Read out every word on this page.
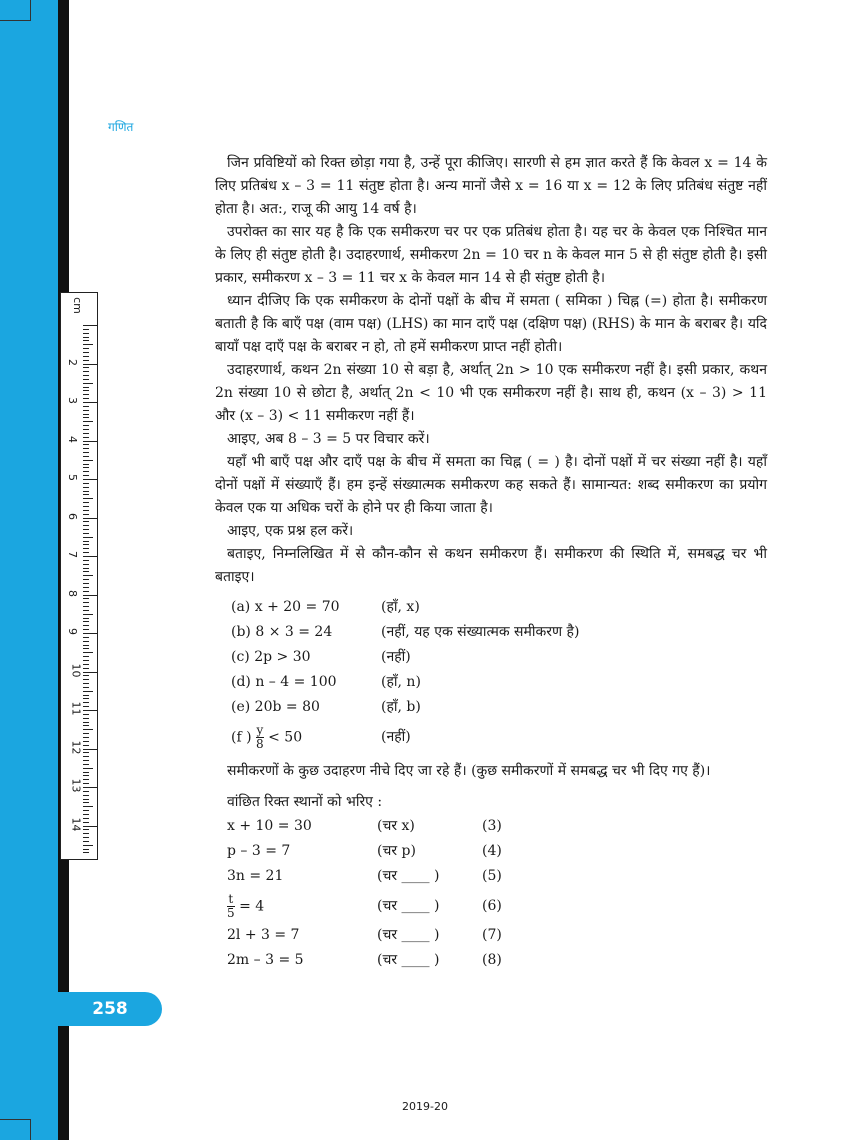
गणित
cm
2
3
4
5
6
7
8
9
10
11
12
13
14
258

जिन प्रविष्टियों को रिक्त छोड़ा गया है, उन्हें पूरा कीजिए। सारणी से हम ज्ञात करते हैं कि केवल x = 14 के लिए प्रतिबंध x – 3 = 11 संतुष्ट होता है। अन्य मानों जैसे x = 16 या x = 12 के लिए प्रतिबंध संतुष्ट नहीं होता है। अत:, राजू की आयु 14 वर्ष है।

उपरोक्त का सार यह है कि एक समीकरण चर पर एक प्रतिबंध होता है। यह चर के केवल एक निश्चित मान के लिए ही संतुष्ट होती है। उदाहरणार्थ, समीकरण 2n = 10 चर n के केवल मान 5 से ही संतुष्ट होती है। इसी प्रकार, समीकरण x – 3 = 11 चर x के केवल मान 14 से ही संतुष्ट होती है।

ध्यान दीजिए कि एक समीकरण के दोनों पक्षों के बीच में समता ( समिका ) चिह्न (=) होता है। समीकरण बताती है कि बाएँ पक्ष (वाम पक्ष) (LHS) का मान दाएँ पक्ष (दक्षिण पक्ष) (RHS) के मान के बराबर है। यदि बायाँ पक्ष दाएँ पक्ष के बराबर न हो, तो हमें समीकरण प्राप्त नहीं होती।

उदाहरणार्थ, कथन 2n संख्या 10 से बड़ा है, अर्थात् 2n > 10 एक समीकरण नहीं है। इसी प्रकार, कथन 2n संख्या 10 से छोटा है, अर्थात् 2n < 10 भी एक समीकरण नहीं है। साथ ही, कथन (x – 3) > 11 और (x – 3) < 11 समीकरण नहीं हैं।

आइए, अब 8 – 3 = 5 पर विचार करें।

यहाँ भी बाएँ पक्ष और दाएँ पक्ष के बीच में समता का चिह्न ( = ) है। दोनों पक्षों में चर संख्या नहीं है। यहाँ दोनों पक्षों में संख्याएँ हैं। हम इन्हें संख्यात्मक समीकरण कह सकते हैं। सामान्यत: शब्द समीकरण का प्रयोग केवल एक या अधिक चरों के होने पर ही किया जाता है।

आइए, एक प्रश्न हल करें।

बताइए, निम्नलिखित में से कौन-कौन से कथन समीकरण हैं। समीकरण की स्थिति में, समबद्ध चर भी बताइए।

(a) x + 20 = 70	(हाँ, x)
(b) 8 × 3 = 24	(नहीं, यह एक संख्यात्मक समीकरण है)
(c) 2p > 30	(नहीं)
(d) n – 4 = 100	(हाँ, n)
(e) 20b = 80	(हाँ, b)
(f ) $\frac{y}{8} < 50$	(नहीं)

समीकरणों के कुछ उदाहरण नीचे दिए जा रहे हैं। (कुछ समीकरणों में समबद्ध चर भी दिए गए हैं)।

वांछित रिक्त स्थानों को भरिए :

x + 10 = 30	(चर x)	(3)
p – 3 = 7	(चर p)	(4)
3n = 21	(चर ____ )	(5)
$\frac{t}{5} = 4$	(चर ____ )	(6)
2l + 3 = 7	(चर ____ )	(7)
2m – 3 = 5	(चर ____ )	(8)
2019-20
